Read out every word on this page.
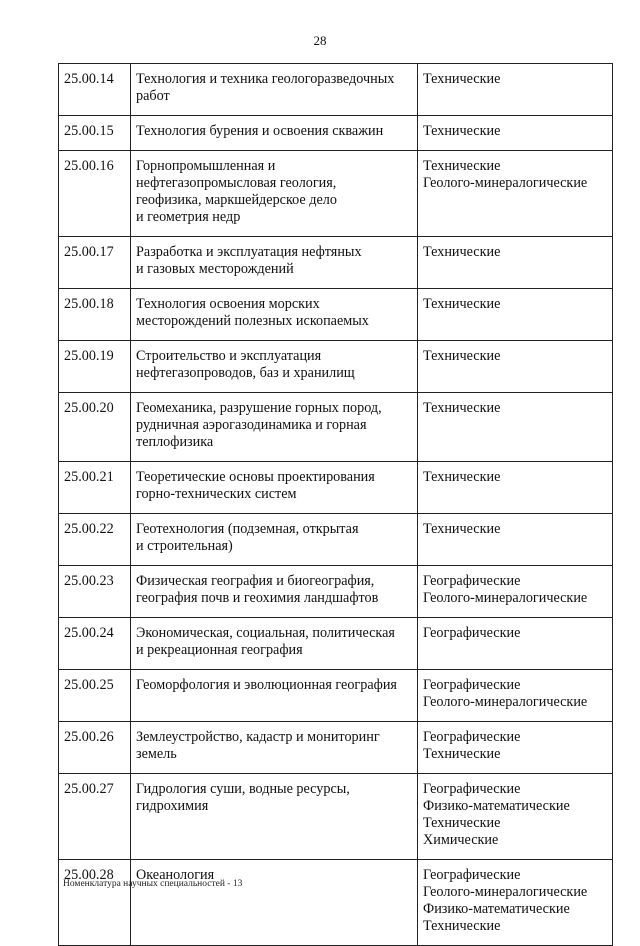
28
25.00.14	Технология и техника геологоразведочных
работ	Технические

25.00.15	Технология бурения и освоения скважин	Технические

25.00.16	Горнопромышленная и
нефтегазопромысловая геология,
геофизика, маркшейдерское дело
и геометрия недр	Технические
Геолого-минералогические

25.00.17	Разработка и эксплуатация нефтяных
и газовых месторождений	Технические

25.00.18	Технология освоения морских
месторождений полезных ископаемых	Технические

25.00.19	Строительство и эксплуатация
нефтегазопроводов, баз и хранилищ	Технические

25.00.20	Геомеханика, разрушение горных пород,
рудничная аэрогазодинамика и горная
теплофизика	Технические

25.00.21	Теоретические основы проектирования
горно-технических систем	Технические

25.00.22	Геотехнология (подземная, открытая
и строительная)	Технические

25.00.23	Физическая география и биогеография,
география почв и геохимия ландшафтов	Географические
Геолого-минералогические

25.00.24	Экономическая, социальная, политическая
и рекреационная география	Географические

25.00.25	Геоморфология и эволюционная география	Географические
Геолого-минералогические

25.00.26	Землеустройство, кадастр и мониторинг
земель	Географические
Технические

25.00.27	Гидрология суши, водные ресурсы,
гидрохимия	Географические
Физико-математические
Технические
Химические

25.00.28	Океанология	Географические
Геолого-минералогические
Физико-математические
Технические
Номенклатура научных специальностей - 13
